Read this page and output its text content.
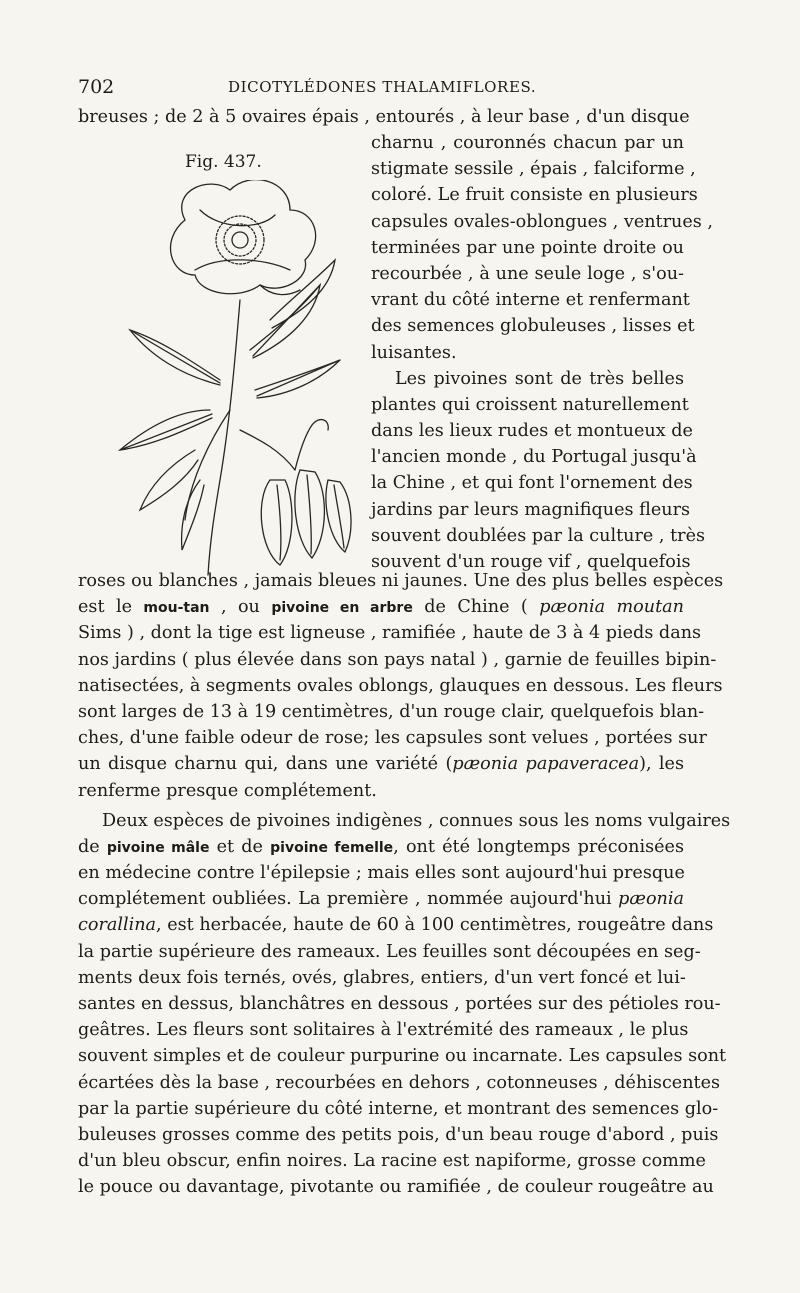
702	DICOTYLÉDONES THALAMIFLORES.
breuses ; de 2 à 5 ovaires épais , entourés , à leur base , d'un disque
Fig. 437.
charnu , couronnés chacun par un
stigmate sessile , épais , falciforme ,
coloré. Le fruit consiste en plusieurs
capsules ovales-oblongues , ventrues ,
terminées par une pointe droite ou
recourbée , à une seule loge , s'ou-
vrant du côté interne et renfermant
des semences globuleuses , lisses et
luisantes.
Les pivoines sont de très belles
plantes qui croissent naturellement
dans les lieux rudes et montueux de
l'ancien monde , du Portugal jusqu'à
la Chine , et qui font l'ornement des
jardins par leurs magnifiques fleurs
souvent doublées par la culture , très
souvent d'un rouge vif , quelquefois
roses ou blanches , jamais bleues ni jaunes. Une des plus belles espèces
est le mou-tan , ou pivoine en arbre de Chine ( pæonia moutan
Sims ) , dont la tige est ligneuse , ramifiée , haute de 3 à 4 pieds dans
nos jardins ( plus élevée dans son pays natal ) , garnie de feuilles bipin-
natisectées, à segments ovales oblongs, glauques en dessous. Les fleurs
sont larges de 13 à 19 centimètres, d'un rouge clair, quelquefois blan-
ches, d'une faible odeur de rose; les capsules sont velues , portées sur
un disque charnu qui, dans une variété (pæonia papaveracea), les
renferme presque complétement.
Deux espèces de pivoines indigènes , connues sous les noms vulgaires
de pivoine mâle et de pivoine femelle, ont été longtemps préconisées
en médecine contre l'épilepsie ; mais elles sont aujourd'hui presque
complétement oubliées. La première , nommée aujourd'hui pæonia
corallina, est herbacée, haute de 60 à 100 centimètres, rougeâtre dans
la partie supérieure des rameaux. Les feuilles sont découpées en seg-
ments deux fois ternés, ovés, glabres, entiers, d'un vert foncé et lui-
santes en dessus, blanchâtres en dessous , portées sur des pétioles rou-
geâtres. Les fleurs sont solitaires à l'extrémité des rameaux , le plus
souvent simples et de couleur purpurine ou incarnate. Les capsules sont
écartées dès la base , recourbées en dehors , cotonneuses , déhiscentes
par la partie supérieure du côté interne, et montrant des semences glo-
buleuses grosses comme des petits pois, d'un beau rouge d'abord , puis
d'un bleu obscur, enfin noires. La racine est napiforme, grosse comme
le pouce ou davantage, pivotante ou ramifiée , de couleur rougeâtre au
